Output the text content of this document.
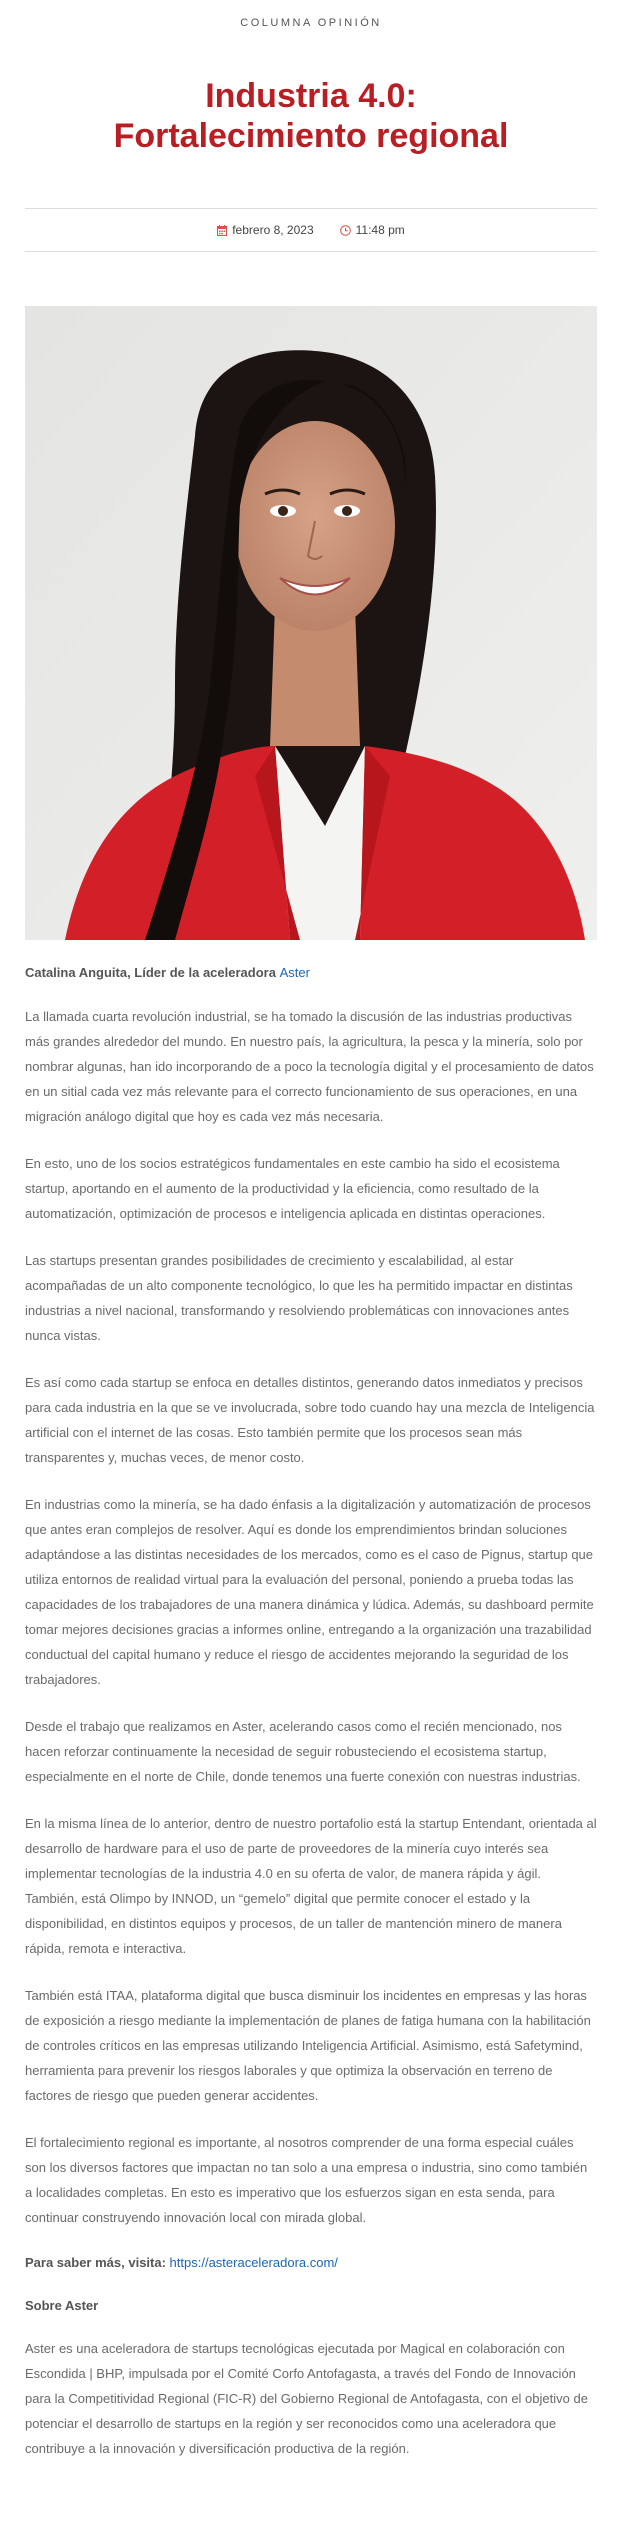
COLUMNA OPINIÓN
Industria 4.0:
Fortalecimiento regional
febrero 8, 2023	11:48 pm

Catalina Anguita, Líder de la aceleradora Aster

La llamada cuarta revolución industrial, se ha tomado la discusión de las industrias productivas más grandes alrededor del mundo. En nuestro país, la agricultura, la pesca y la minería, solo por nombrar algunas, han ido incorporando de a poco la tecnología digital y el procesamiento de datos en un sitial cada vez más relevante para el correcto funcionamiento de sus operaciones, en una migración análogo digital que hoy es cada vez más necesaria.

En esto, uno de los socios estratégicos fundamentales en este cambio ha sido el ecosistema startup, aportando en el aumento de la productividad y la eficiencia, como resultado de la automatización, optimización de procesos e inteligencia aplicada en distintas operaciones.

Las startups presentan grandes posibilidades de crecimiento y escalabilidad, al estar acompañadas de un alto componente tecnológico, lo que les ha permitido impactar en distintas industrias a nivel nacional, transformando y resolviendo problemáticas con innovaciones antes nunca vistas.

Es así como cada startup se enfoca en detalles distintos, generando datos inmediatos y precisos para cada industria en la que se ve involucrada, sobre todo cuando hay una mezcla de Inteligencia artificial con el internet de las cosas. Esto también permite que los procesos sean más transparentes y, muchas veces, de menor costo.

En industrias como la minería, se ha dado énfasis a la digitalización y automatización de procesos que antes eran complejos de resolver. Aquí es donde los emprendimientos brindan soluciones adaptándose a las distintas necesidades de los mercados, como es el caso de Pignus, startup que utiliza entornos de realidad virtual para la evaluación del personal, poniendo a prueba todas las capacidades de los trabajadores de una manera dinámica y lúdica. Además, su dashboard permite tomar mejores decisiones gracias a informes online, entregando a la organización una trazabilidad conductual del capital humano y reduce el riesgo de accidentes mejorando la seguridad de los trabajadores.

Desde el trabajo que realizamos en Aster, acelerando casos como el recién mencionado, nos hacen reforzar continuamente la necesidad de seguir robusteciendo el ecosistema startup, especialmente en el norte de Chile, donde tenemos una fuerte conexión con nuestras industrias.

En la misma línea de lo anterior, dentro de nuestro portafolio está la startup Entendant, orientada al desarrollo de hardware para el uso de parte de proveedores de la minería cuyo interés sea implementar tecnologías de la industria 4.0 en su oferta de valor, de manera rápida y ágil. También, está Olimpo by INNOD, un “gemelo” digital que permite conocer el estado y la disponibilidad, en distintos equipos y procesos, de un taller de mantención minero de manera rápida, remota e interactiva.

También está ITAA, plataforma digital que busca disminuir los incidentes en empresas y las horas de exposición a riesgo mediante la implementación de planes de fatiga humana con la habilitación de controles críticos en las empresas utilizando Inteligencia Artificial. Asimismo, está Safetymind, herramienta para prevenir los riesgos laborales y que optimiza la observación en terreno de factores de riesgo que pueden generar accidentes.

El fortalecimiento regional es importante, al nosotros comprender de una forma especial cuáles son los diversos factores que impactan no tan solo a una empresa o industria, sino como también a localidades completas. En esto es imperativo que los esfuerzos sigan en esta senda, para continuar construyendo innovación local con mirada global.

Para saber más, visita: https://asteraceleradora.com/

Sobre Aster

Aster es una aceleradora de startups tecnológicas ejecutada por Magical en colaboración con Escondida | BHP, impulsada por el Comité Corfo Antofagasta, a través del Fondo de Innovación para la Competitividad Regional (FIC-R) del Gobierno Regional de Antofagasta, con el objetivo de potenciar el desarrollo de startups en la región y ser reconocidos como una aceleradora que contribuye a la innovación y diversificación productiva de la región.
